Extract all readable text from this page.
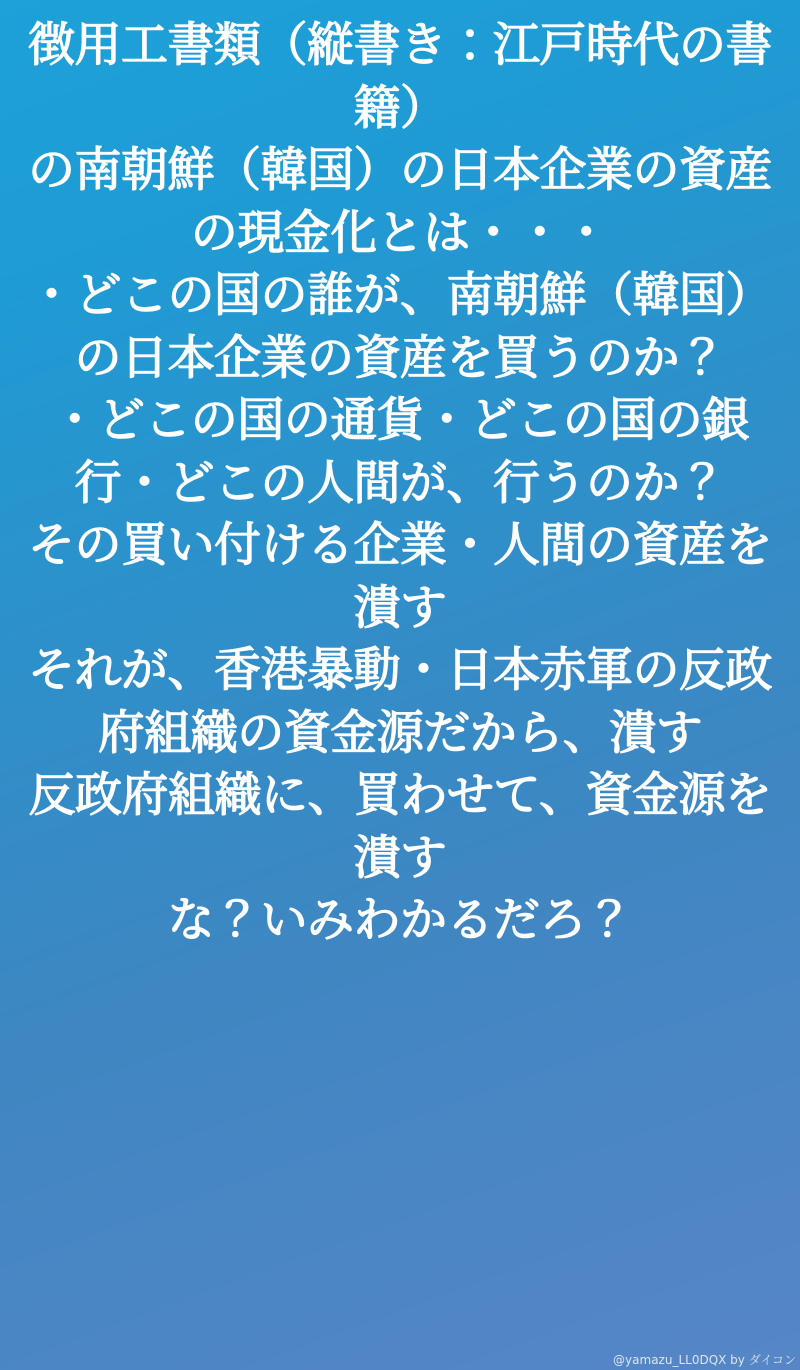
徴用工書類（縦書き：江戸時代の書籍）
の南朝鮮（韓国）の日本企業の資産の現金化とは・・・
・どこの国の誰が、南朝鮮（韓国）の日本企業の資産を買うのか？
・どこの国の通貨・どこの国の銀行・どこの人間が、行うのか？
その買い付ける企業・人間の資産を潰す
それが、香港暴動・日本赤軍の反政府組織の資金源だから、潰す
反政府組織に、買わせて、資金源を潰す
な？いみわかるだろ？
@yamazu_LL0DQX by ダイコン
